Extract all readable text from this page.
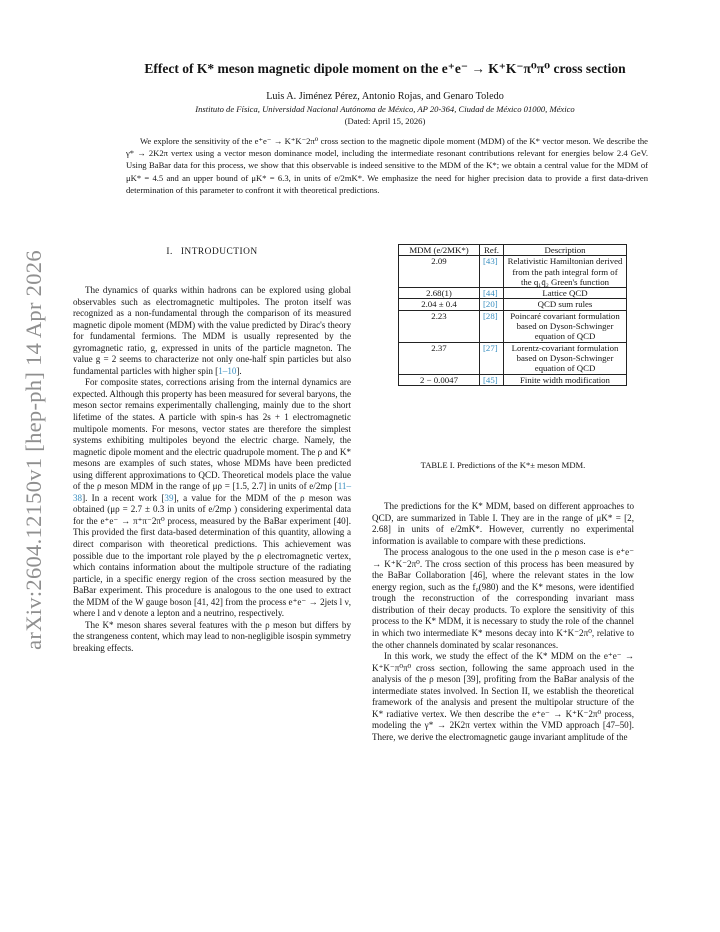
arXiv:2604.12150v1 [hep-ph] 14 Apr 2026
Effect of K* meson magnetic dipole moment on the e⁺e⁻ → K⁺K⁻π⁰π⁰ cross section
Luis A. Jiménez Pérez, Antonio Rojas, and Genaro Toledo
Instituto de Física, Universidad Nacional Autónoma de México, AP 20-364, Ciudad de México 01000, México
(Dated: April 15, 2026)
We explore the sensitivity of the e⁺e⁻ → K⁺K⁻2π⁰ cross section to the magnetic dipole moment (MDM) of the K* vector meson. We describe the γ* → 2K2π vertex using a vector meson dominance model, including the intermediate resonant contributions relevant for energies below 2.4 GeV. Using BaBar data for this process, we show that this observable is indeed sensitive to the MDM of the K*; we obtain a central value for the MDM of μK* = 4.5 and an upper bound of μK* = 6.3, in units of e/2mK*. We emphasize the need for higher precision data to provide a first data-driven determination of this parameter to confront it with theoretical predictions.
I. INTRODUCTION

The dynamics of quarks within hadrons can be explored using global observables such as electromagnetic multipoles. The proton itself was recognized as a non-fundamental through the comparison of its measured magnetic dipole moment (MDM) with the value predicted by Dirac's theory for fundamental fermions. The MDM is usually represented by the gyromagnetic ratio, g, expressed in units of the particle magneton. The value g = 2 seems to characterize not only one-half spin particles but also fundamental particles with higher spin [1–10].

For composite states, corrections arising from the internal dynamics are expected. Although this property has been measured for several baryons, the meson sector remains experimentally challenging, mainly due to the short lifetime of the states. A particle with spin-s has 2s + 1 electromagnetic multipole moments. For mesons, vector states are therefore the simplest systems exhibiting multipoles beyond the electric charge. Namely, the magnetic dipole moment and the electric quadrupole moment. The ρ and K* mesons are examples of such states, whose MDMs have been predicted using different approximations to QCD. Theoretical models place the value of the ρ meson MDM in the range of μρ = [1.5, 2.7] in units of e/2mρ [11–38]. In a recent work [39], a value for the MDM of the ρ meson was obtained (μρ = 2.7 ± 0.3 in units of e/2mρ ) considering experimental data for the e⁺e⁻ → π⁺π⁻2π⁰ process, measured by the BaBar experiment [40]. This provided the first data-based determination of this quantity, allowing a direct comparison with theoretical predictions. This achievement was possible due to the important role played by the ρ electromagnetic vertex, which contains information about the multipole structure of the radiating particle, in a specific energy region of the cross section measured by the BaBar experiment. This procedure is analogous to the one used to extract the MDM of the W gauge boson [41, 42] from the process e⁺e⁻ → 2jets l ν, where l and ν denote a lepton and a neutrino, respectively.

The K* meson shares several features with the ρ meson but differs by the strangeness content, which may lead to non-negligible isospin symmetry breaking effects.

MDM (e/2MK*)	Ref.	Description
2.09	[43]	Relativistic Hamiltonian derived from the path integral form of the q₁q̄₂ Green's function
2.68(1)	[44]	Lattice QCD
2.04 ± 0.4	[20]	QCD sum rules
2.23	[28]	Poincaré covariant formulation based on Dyson-Schwinger equation of QCD
2.37	[27]	Lorentz-covariant formulation based on Dyson-Schwinger equation of QCD
2 − 0.0047	[45]	Finite width modification
TABLE I. Predictions of the K*± meson MDM.

The predictions for the K* MDM, based on different approaches to QCD, are summarized in Table I. They are in the range of μK* = [2, 2.68] in units of e/2mK*. However, currently no experimental information is available to compare with these predictions.

The process analogous to the one used in the ρ meson case is e⁺e⁻ → K⁺K⁻2π⁰. The cross section of this process has been measured by the BaBar Collaboration [46], where the relevant states in the low energy region, such as the f₀(980) and the K* mesons, were identified trough the reconstruction of the corresponding invariant mass distribution of their decay products. To explore the sensitivity of this process to the K* MDM, it is necessary to study the role of the channel in which two intermediate K* mesons decay into K⁺K⁻2π⁰, relative to the other channels dominated by scalar resonances.

In this work, we study the effect of the K* MDM on the e⁺e⁻ → K⁺K⁻π⁰π⁰ cross section, following the same approach used in the analysis of the ρ meson [39], profiting from the BaBar analysis of the intermediate states involved. In Section II, we establish the theoretical framework of the analysis and present the multipolar structure of the K* radiative vertex. We then describe the e⁺e⁻ → K⁺K⁻2π⁰ process, modeling the γ* → 2K2π vertex within the VMD approach [47–50]. There, we derive the electromagnetic gauge invariant amplitude of the
